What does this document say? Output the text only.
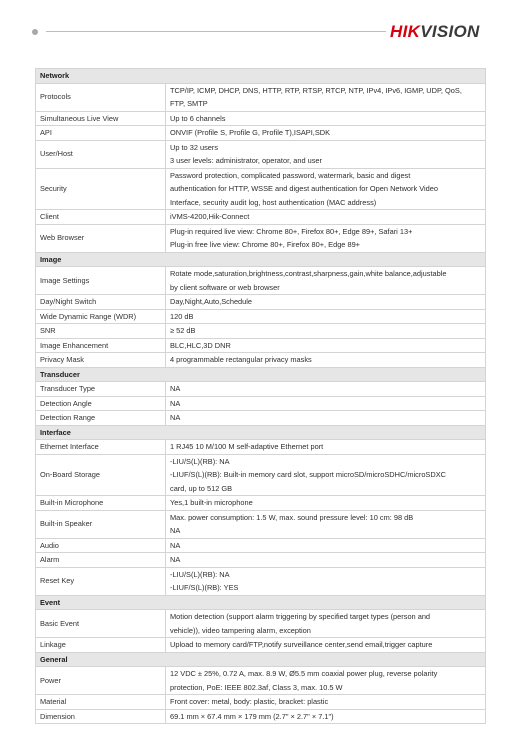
HIKVISION
Network	
Protocols	TCP/IP, ICMP, DHCP, DNS, HTTP, RTP, RTSP, RTCP, NTP, IPv4, IPv6, IGMP, UDP, QoS,
FTP, SMTP

Simultaneous Live View	Up to 6 channels

API	ONVIF (Profile S, Profile G, Profile T),ISAPI,SDK

User/Host	Up to 32 users
3 user levels: administrator, operator, and user

Security	Password protection, complicated password, watermark, basic and digest
authentication for HTTP, WSSE and digest authentication for Open Network Video
Interface, security audit log, host authentication (MAC address)

Client	iVMS-4200,Hik-Connect

Web Browser	Plug-in required live view: Chrome 80+, Firefox 80+, Edge 89+, Safari 13+
Plug-in free live view: Chrome 80+, Firefox 80+, Edge 89+

Image	
Image Settings	Rotate mode,saturation,brightness,contrast,sharpness,gain,white balance,adjustable
by client software or web browser

Day/Night Switch	Day,Night,Auto,Schedule

Wide Dynamic Range (WDR)	120 dB

SNR	≥ 52 dB

Image Enhancement	BLC,HLC,3D DNR

Privacy Mask	4 programmable rectangular privacy masks

Transducer	
Transducer Type	NA

Detection Angle	NA

Detection Range	NA

Interface	
Ethernet Interface	1 RJ45 10 M/100 M self-adaptive Ethernet port

On-Board Storage	-LIU/S(L)(RB): NA
-LIUF/S(L)(RB): Built-in memory card slot, support microSD/microSDHC/microSDXC
card, up to 512 GB

Built-in Microphone	Yes,1 built-in microphone

Built-in Speaker	Max. power consumption: 1.5 W, max. sound pressure level: 10 cm: 98 dB
NA

Audio	NA

Alarm	NA

Reset Key	-LIU/S(L)(RB): NA
-LIUF/S(L)(RB): YES

Event	
Basic Event	Motion detection (support alarm triggering by specified target types (person and
vehicle)), video tampering alarm, exception

Linkage	Upload to memory card/FTP,notify surveillance center,send email,trigger capture

General	
Power	12 VDC ± 25%, 0.72 A, max. 8.9 W, Ø5.5 mm coaxial power plug, reverse polarity
protection, PoE: IEEE 802.3af, Class 3, max. 10.5 W

Material	Front cover: metal, body: plastic, bracket: plastic

Dimension	69.1 mm × 67.4 mm × 179 mm (2.7" × 2.7" × 7.1")
